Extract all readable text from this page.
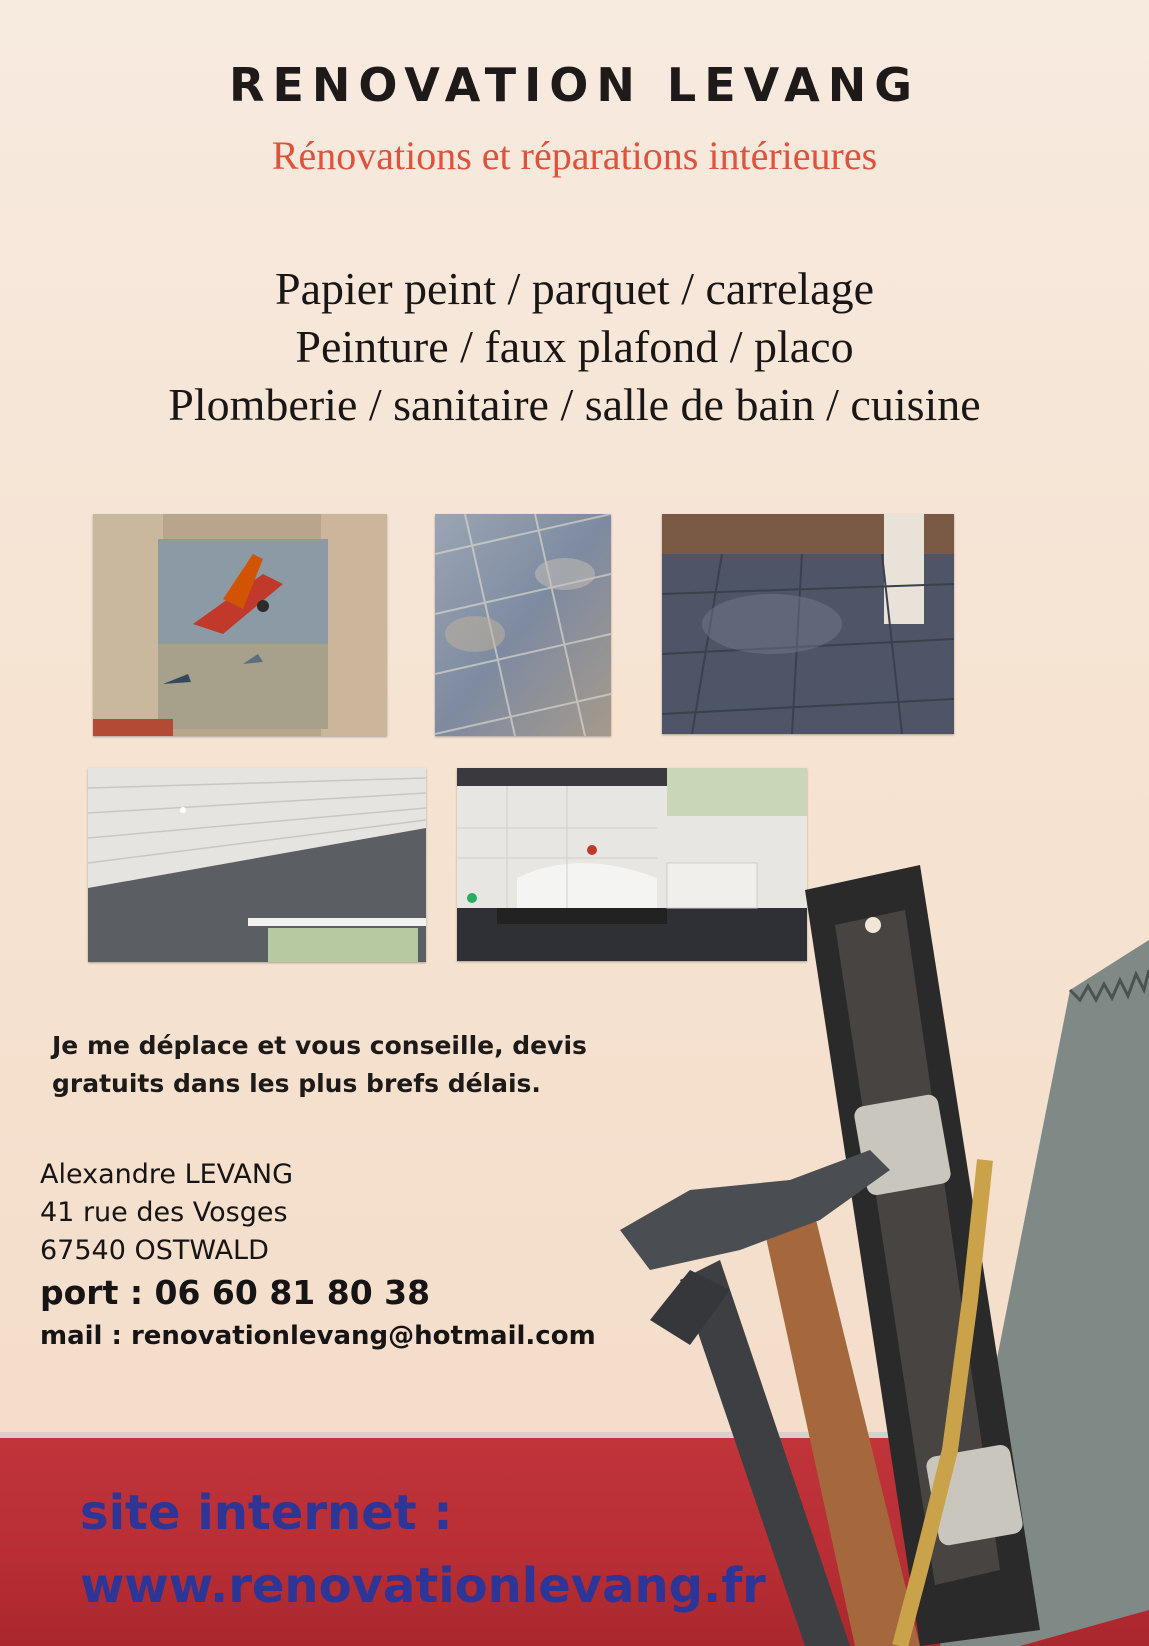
RENOVATION LEVANG
Rénovations et réparations intérieures
Papier peint / parquet / carrelage
Peinture / faux plafond / placo
Plomberie / sanitaire / salle de bain / cuisine
Je me déplace et vous conseille, devis
gratuits dans les plus brefs délais.
Alexandre LEVANG
41 rue des Vosges
67540 OSTWALD
port : 06 60 81 80 38
mail : renovationlevang@hotmail.com
site internet :
www.renovationlevang.fr
